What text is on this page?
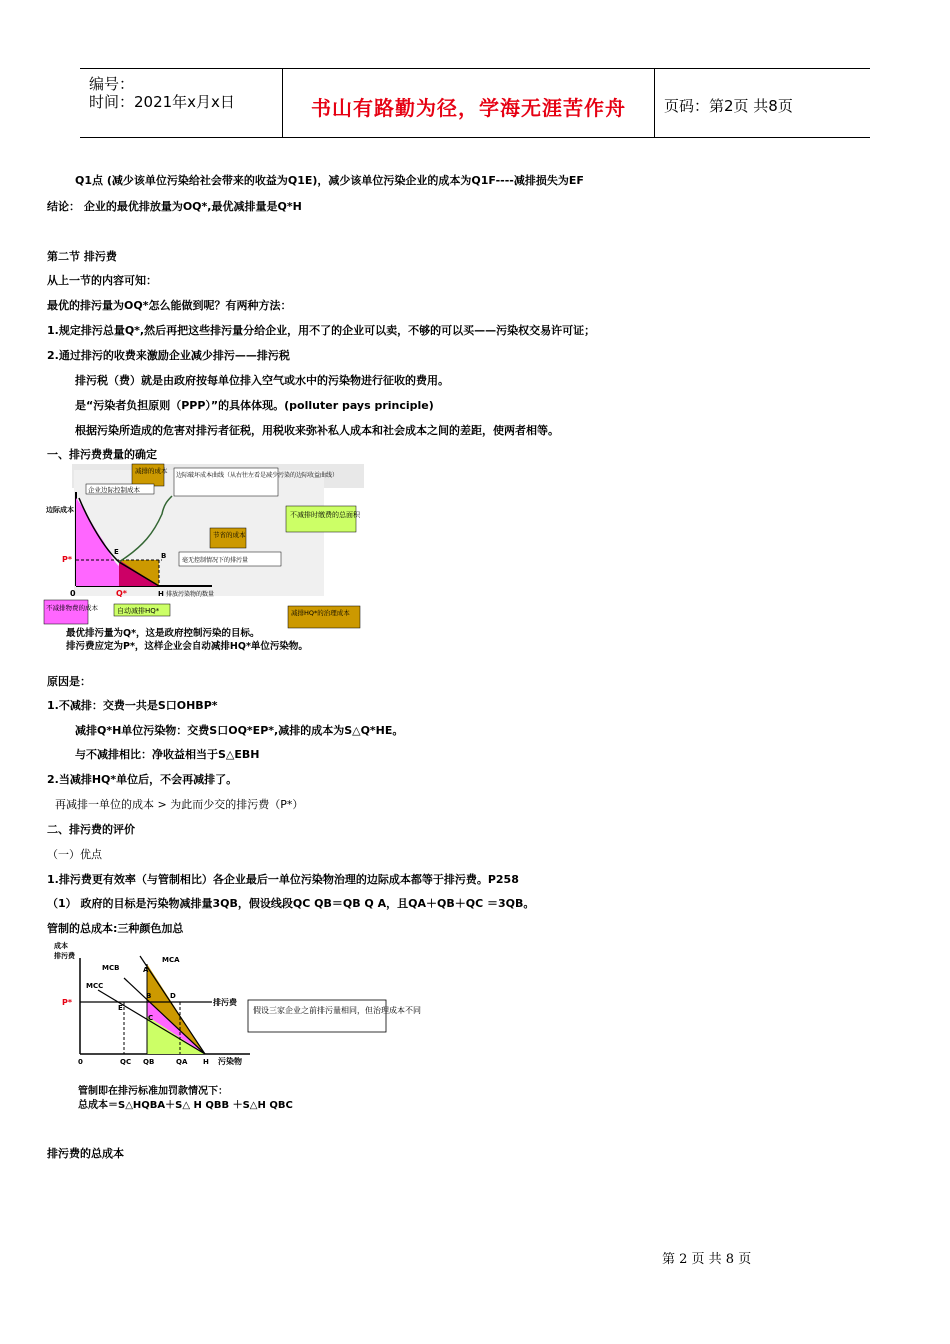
编号：
时间：2021年x月x日	书山有路勤为径，学海无涯苦作舟	页码：第2页 共8页
Q1点 (减少该单位污染给社会带来的收益为Q1E)，减少该单位污染企业的成本为Q1F----减排损失为EF
结论： 企业的最优排放量为OQ*,最优减排量是Q*H
第二节 排污费
从上一节的内容可知：
最优的排污量为OQ*怎么能做到呢？有两种方法：
1.规定排污总量Q*,然后再把这些排污量分给企业，用不了的企业可以卖，不够的可以买——污染权交易许可证；
2.通过排污的收费来激励企业减少排污——排污税
排污税（费）就是由政府按每单位排入空气或水中的污染物进行征收的费用。
是“污染者负担原则（PPP）”的具体体现。(polluter pays principle)
根据污染所造成的危害对排污者征税，用税收来弥补私人成本和社会成本之间的差距，使两者相等。
一、排污费费量的确定
边际成本
P*
0	Q*	H
E	B
排放污染物的数量
减排的成本
企业边际控制成本
边际破坏成本曲线（从右往左看是减少污染的边际收益曲线）
不减排时缴费的总面积
节省的成本
毫无控制情况下的排污量
不减排物费的成本	自动减排HQ*	减排HQ*的治理成本
最优排污量为Q*，这是政府控制污染的目标。
排污费应定为P*，这样企业会自动减排HQ*单位污染物。
原因是：
1.不减排：交费一共是S口OHBP*
减排Q*H单位污染物：交费S口OQ*EP*,减排的成本为S△Q*HE。
与不减排相比：净收益相当于S△EBH
2.当减排HQ*单位后，不会再减排了。
再减排一单位的成本 > 为此而少交的排污费（P*）
二、排污费的评价
（一）优点
1.排污费更有效率（与管制相比）各企业最后一单位污染物治理的边际成本都等于排污费。P258
（1） 政府的目标是污染物减排量3QB，假设线段QC QB＝QB Q A，且QA＋QB＋QC ＝3QB。
管制的总成本:三种颜色加总
成本
排污费
P*
MCB
MCA
MCC
A
B	D
E
C
排污费
假设三家企业之前排污量相同，但治理成本不同
0	QC QB	QA H 污染物
管制即在排污标准加罚款情况下：
总成本＝S△HQBA＋S△ H QBB ＋S△H QBC
排污费的总成本
第 2 页 共 8 页
